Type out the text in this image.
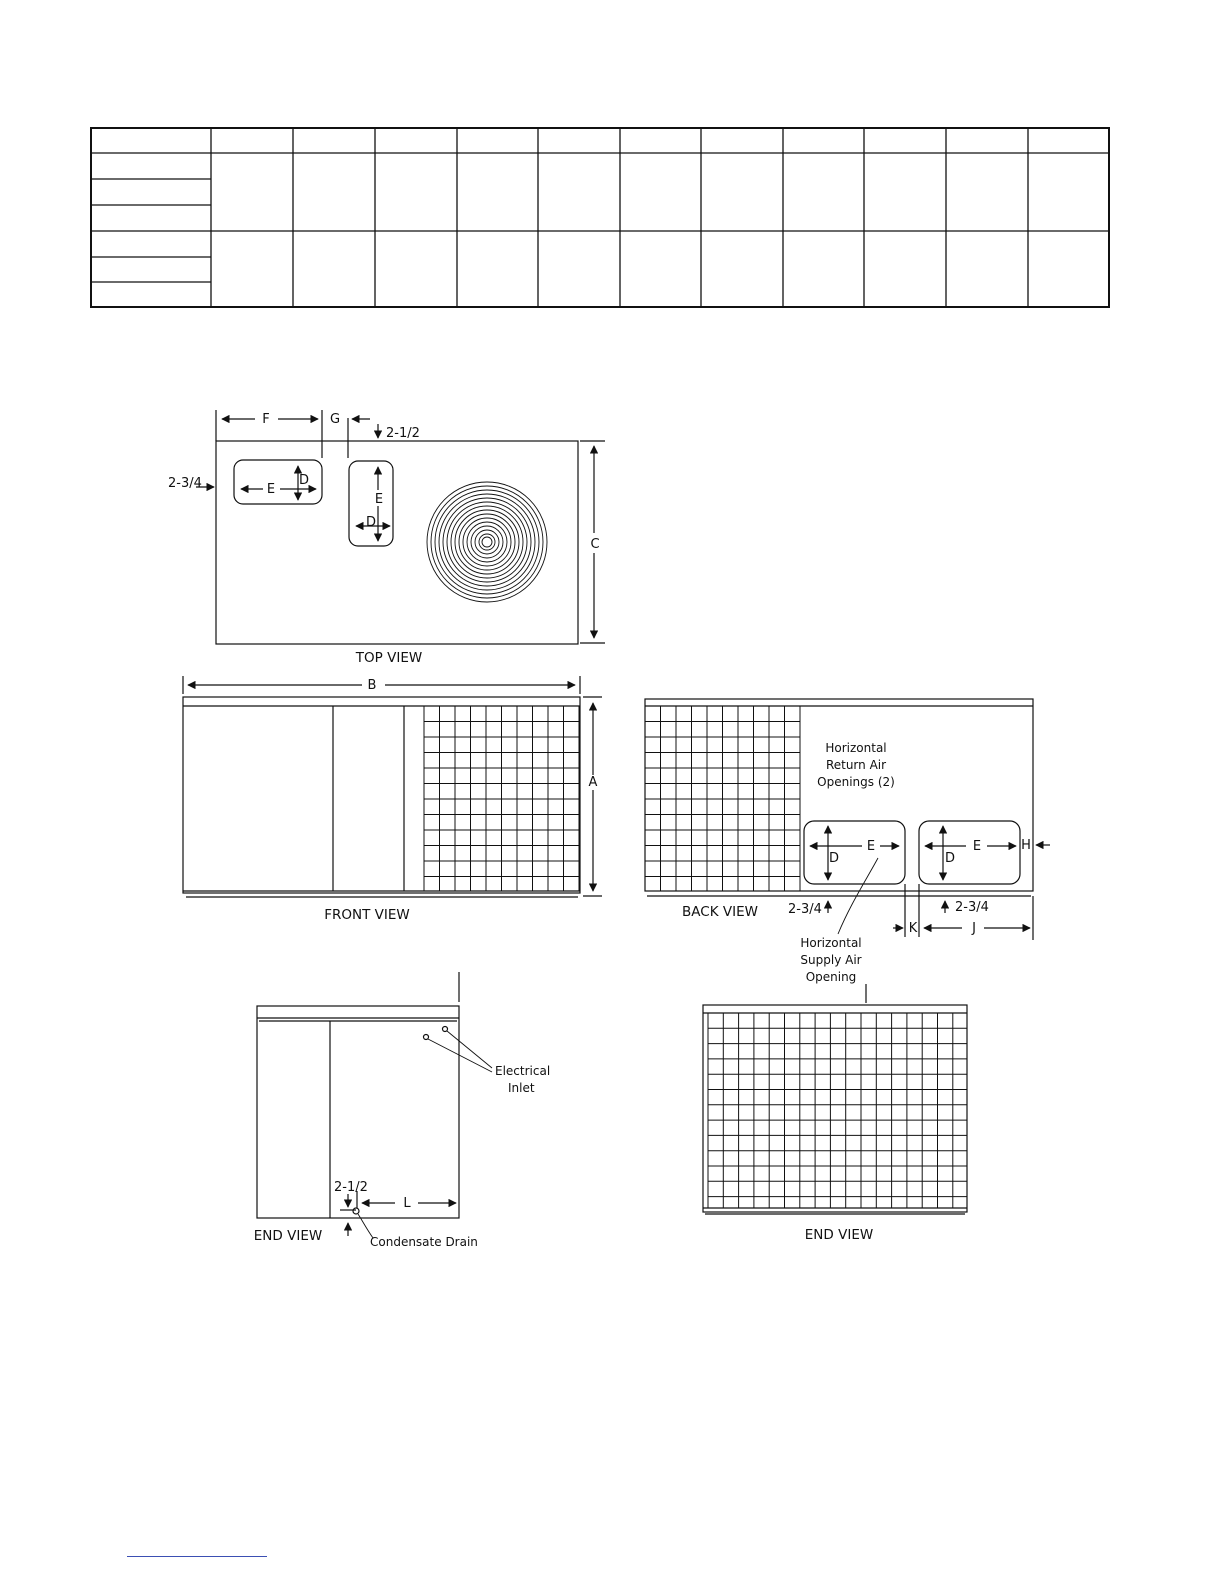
F	G
2-1/2
2-3/4	E
D
E
D
C
TOP VIEW
B
A
FRONT VIEW
Horizontal
Return Air
Openings (2)
E
D
E
D
H
2-3/4	2-3/4
K	J
BACK VIEW
Horizontal
Supply Air
Opening
Electrical
Inlet
2-1/2
L
END VIEW	Condensate Drain	END VIEW
